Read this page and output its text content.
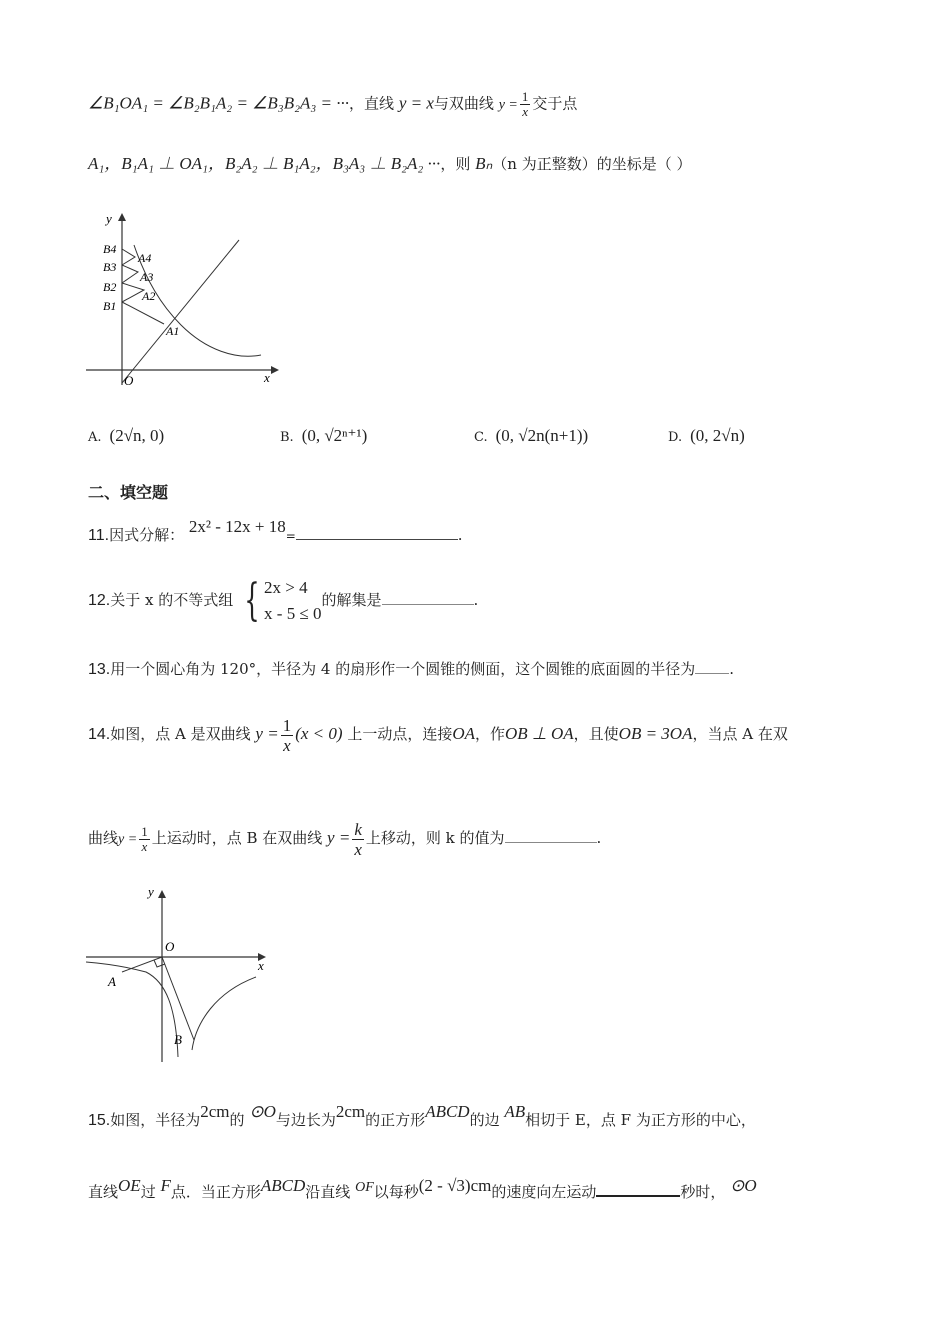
∠B₁OA₁ = ∠B₂B₁A₂ = ∠B₃B₂A₃ = ···，直线 y = x与双曲线 $y = \frac{1}{x}$ 交于点
A₁，B₁A₁ ⊥ OA₁，B₂A₂ ⊥ B₁A₂，B₃A₃ ⊥ B₂A₂ ···，则 Bₙ（n 为正整数）的坐标是（ ）
y
x
O
B4
B3
B2
B1
A4
A3
A2
A1
A. (2√n, 0)	B. (0, √2ⁿ⁺¹)	C. (0, √2n(n+1))	D. (0, 2√n)
二、填空题
11.因式分解： 2x² - 12x + 18=	.
12.关于 x 的不等式组 { 2x > 4
x - 5 ≤ 0
的解集是	.
13.用一个圆心角为 120°，半径为 4 的扇形作一个圆锥的侧面，这个圆锥的底面圆的半径为 .
14.如图，点 A 是双曲线 $y = \frac{1}{x} (x < 0)$ 上一动点，连接OA，作OB ⊥ OA，且使OB = 3OA，当点 A 在双
曲线$y = \frac{1}{x}$ 上运动时，点 B 在双曲线 $y = \frac{k}{x}$ 上移动，则 k 的值为	.
y
x
O
A
B
15.如图，半径为2cm的 ⊙O与边长为2cm的正方形ABCD的边 AB相切于 E，点 F 为正方形的中心，
直线OE过 F点．当正方形ABCD沿直线 OF以每秒(2 - √3)cm的速度向左运动	秒时， ⊙O
